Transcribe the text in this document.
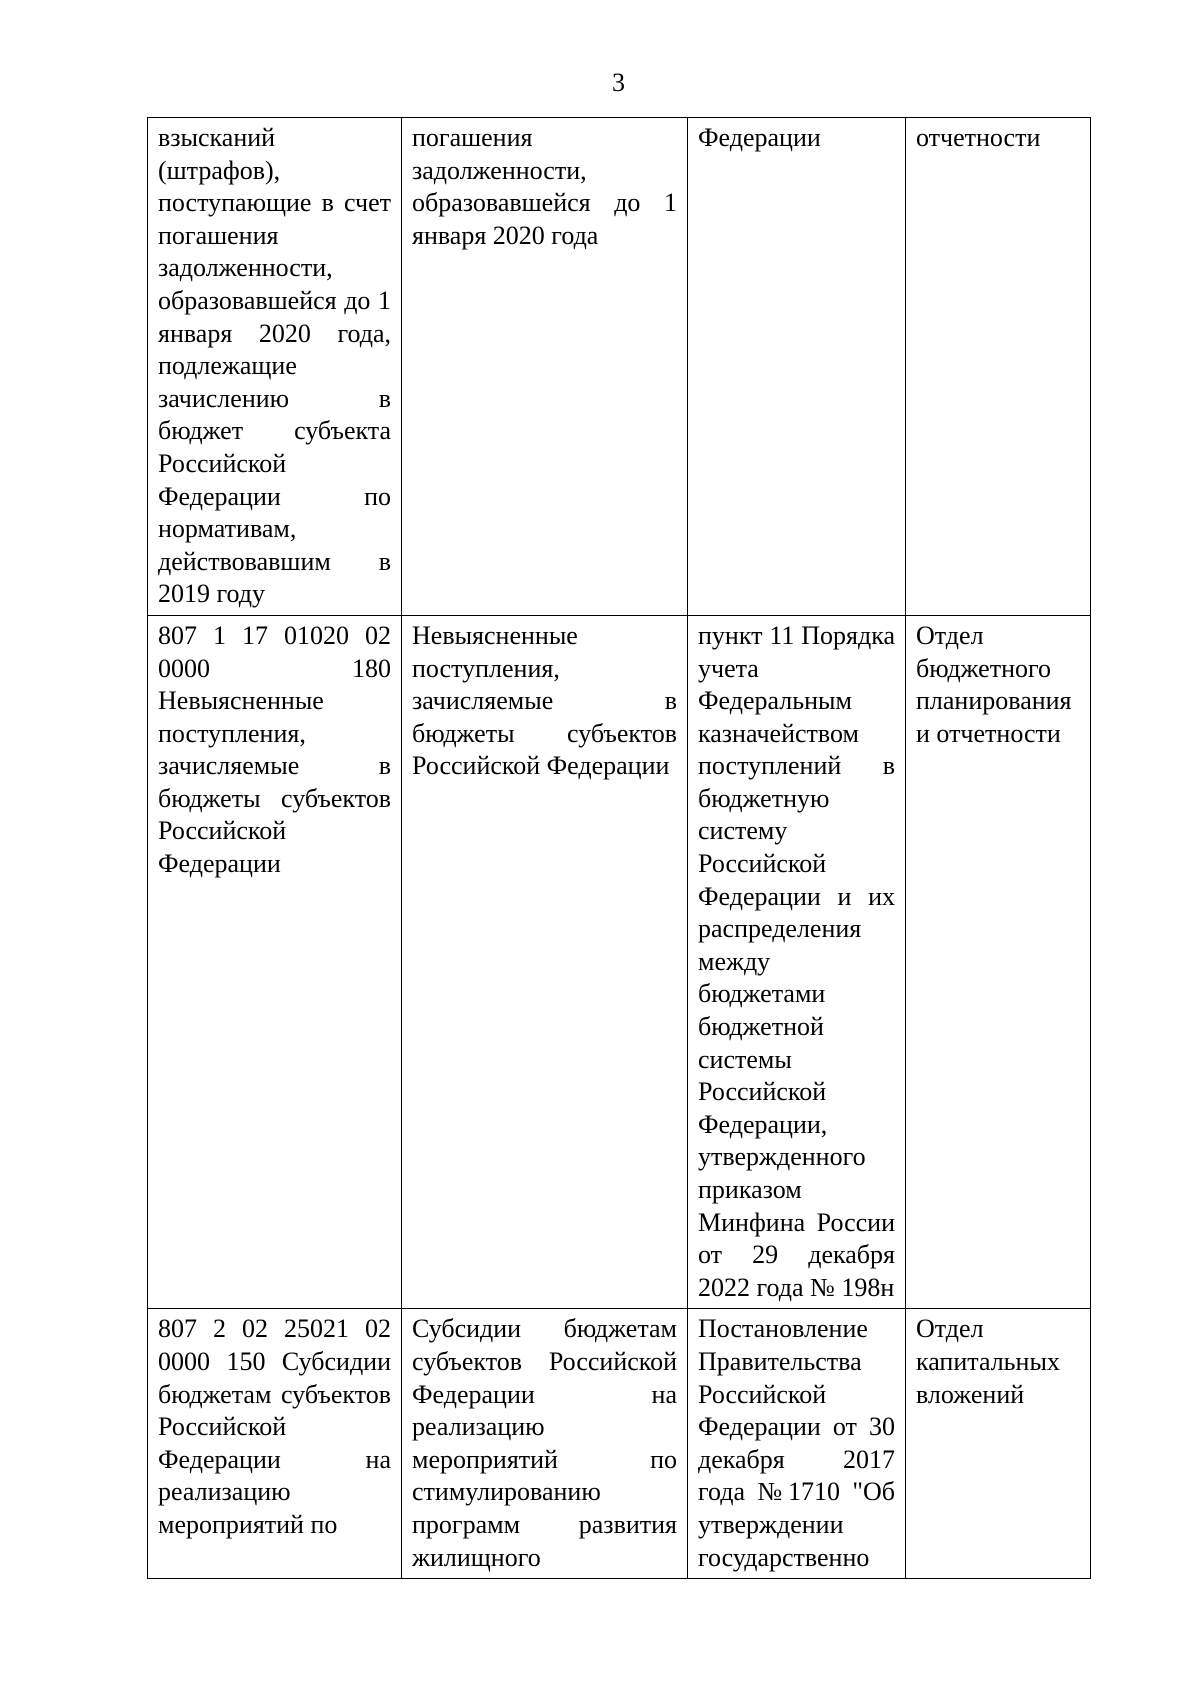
3
взысканий (штрафов), поступающие в счет погашения задолженности, образовавшейся до 1 января 2020 года, подлежащие зачислению в бюджет субъекта Российской Федерации по нормативам, действовавшим в 2019 году	погашения задолженности, образовавшейся до 1 января 2020 года	Федерации	отчетности

807 1 17 01020 02 0000 180 Невыясненные поступления, зачисляемые в бюджеты субъектов Российской Федерации	Невыясненные поступления, зачисляемые в бюджеты субъектов Российской Федерации	пункт 11 Порядка учета Федеральным казначейством поступлений в бюджетную систему Российской Федерации и их распределения между бюджетами бюджетной системы Российской Федерации, утвержденного приказом Минфина России от 29 декабря 2022 года № 198н	Отдел бюджетного планирования и отчетности

807 2 02 25021 02 0000 150 Субсидии бюджетам субъектов Российской Федерации на реализацию мероприятий по	Субсидии бюджетам субъектов Российской Федерации на реализацию мероприятий по стимулированию программ развития жилищного	Постановление Правительства Российской Федерации от 30 декабря 2017 года №1710 "Об утверждении государственно	Отдел капитальных вложений
